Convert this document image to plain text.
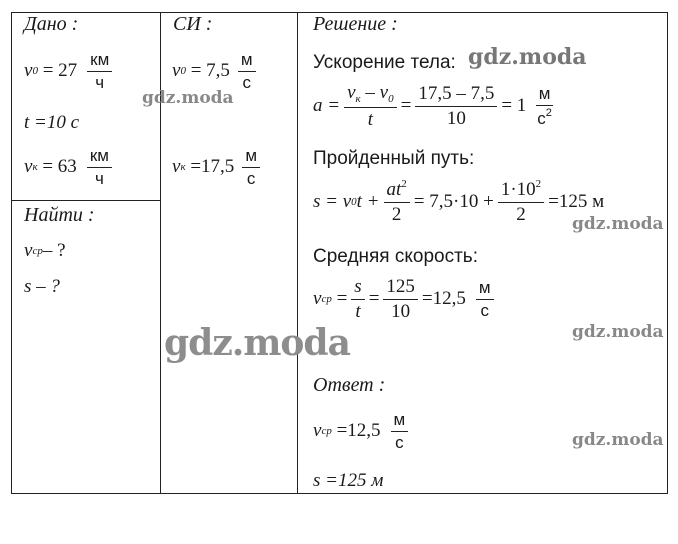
Дано :	СИ :	Решение :
v 0
= $27 \frac{км}{ч}$
t =10 с
v к
= $63 \frac{км}{ч}$
Найти :
v ср – ?
s – ?
v 0
= $7,5 \frac{м}{с}$
v к
$=17,5 \frac{м}{с}$
Ускорение тела:
$a = \frac{v_к - v_0}{t} = \frac{17,5 - 7,5}{10} = 1 \frac{м}{с^2}$
Пройденный путь:
s = v 0 $t + \frac{at^2}{2} = 7,5\cdot 10 + \frac{1\cdot 10^2}{2} =125$ м
Средняя скорость:
v ср
= $\frac{s}{t} = \frac{125}{10} =12,5 \frac{м}{с}$
Ответ :
v ср
$=12,5 \frac{м}{с}$
s =125 м
gdz.moda
gdz.moda
gdz.moda
gdz.moda
gdz.moda
gdz.moda
